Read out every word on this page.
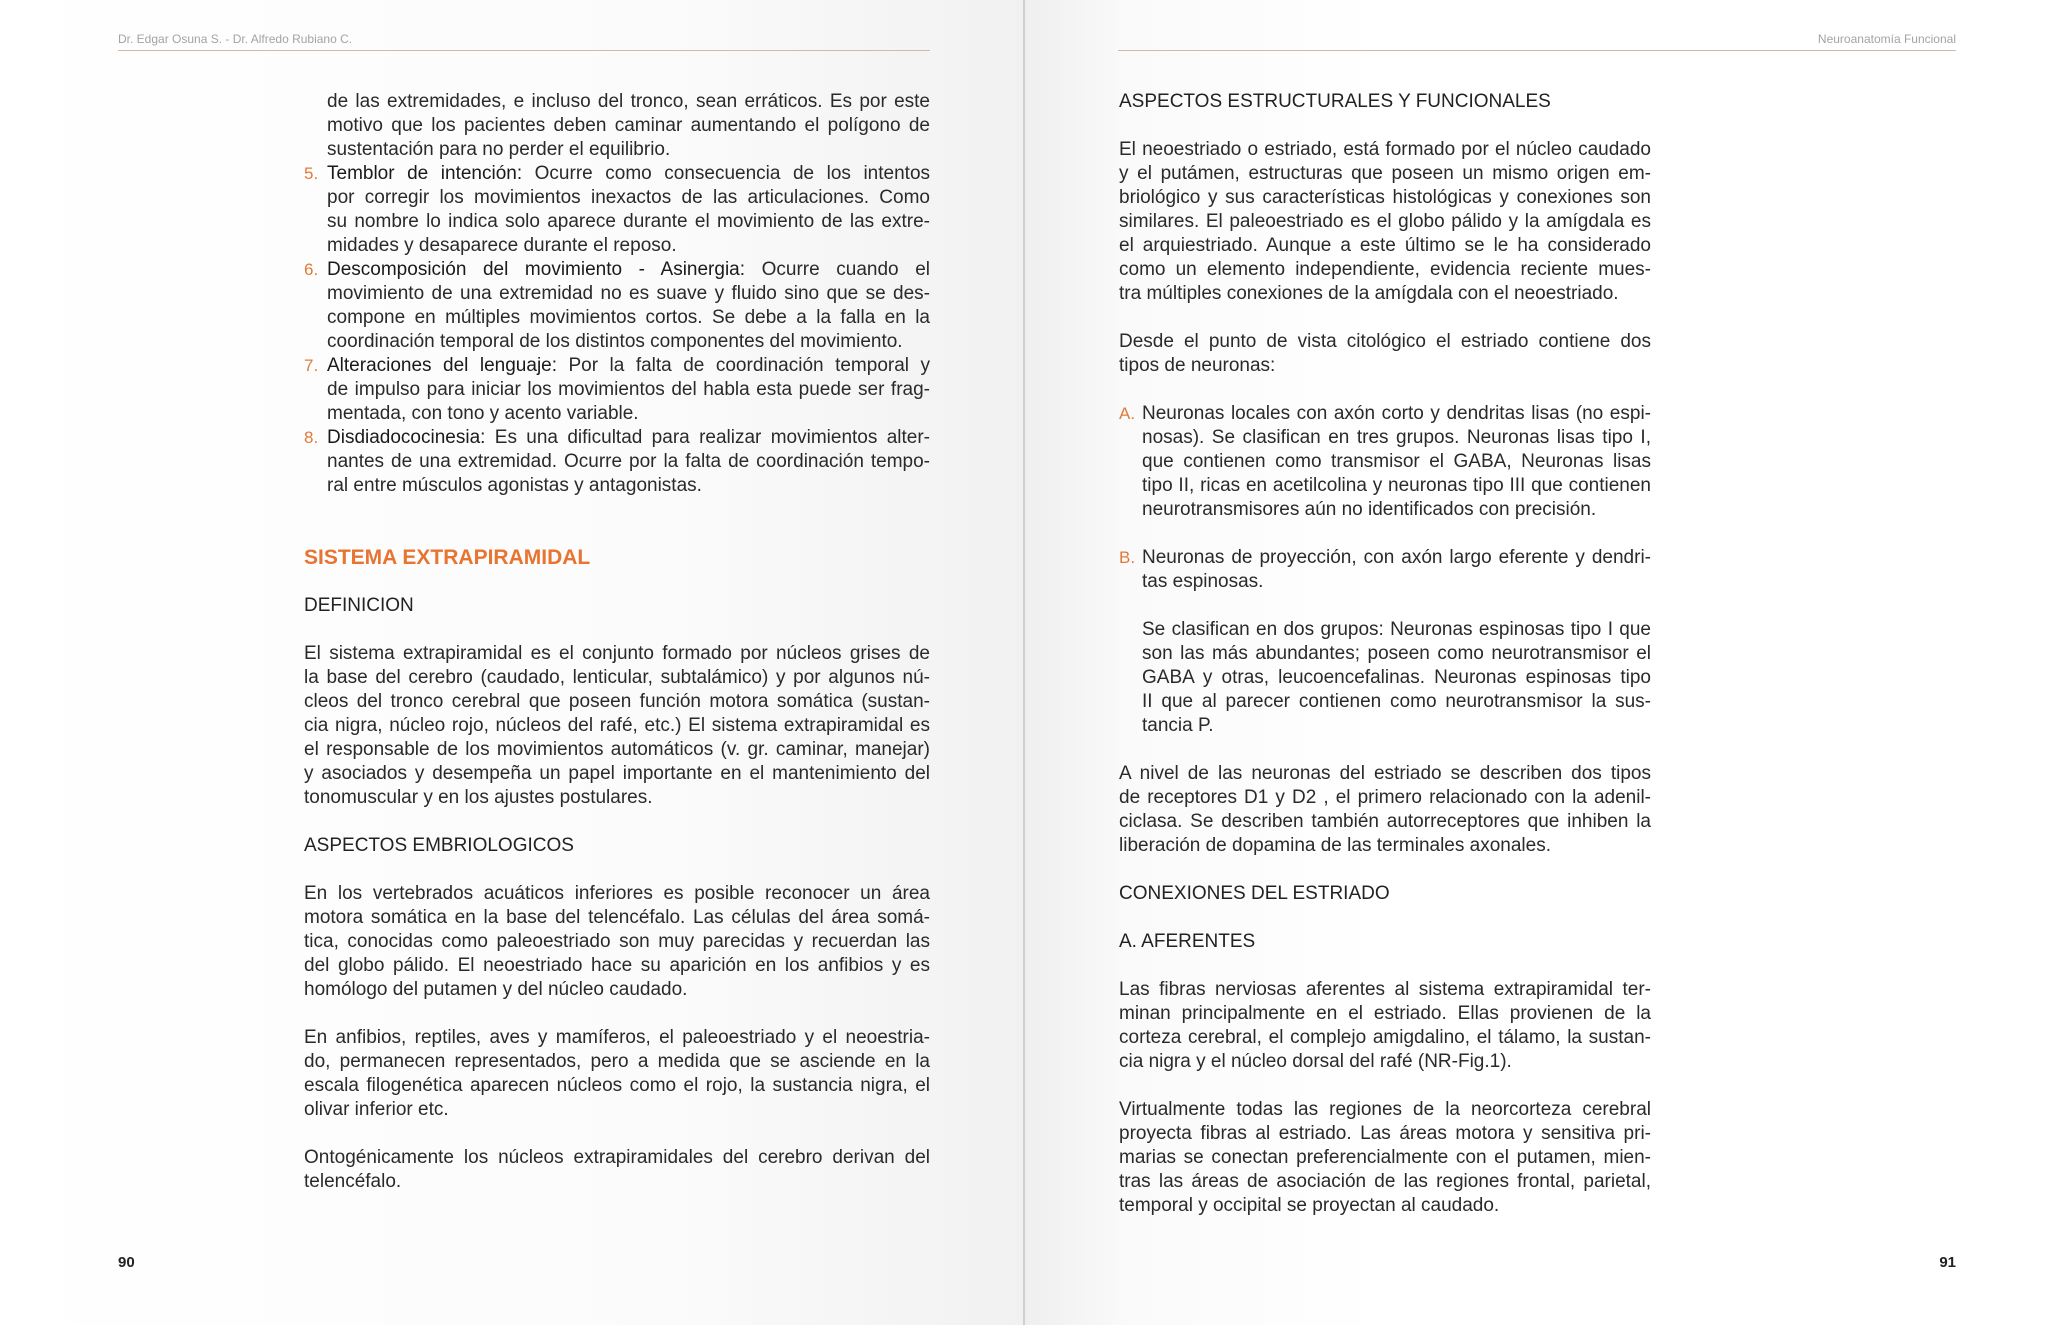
Dr. Edgar Osuna S. - Dr. Alfredo Rubiano C.
90
de las extremidades, e incluso del tronco, sean erráticos. Es por este
motivo que los pacientes deben caminar aumentando el polígono de
sustentación para no perder el equilibrio.
5. Temblor de intención: Ocurre como consecuencia de los intentos
por corregir los movimientos inexactos de las articulaciones. Como
su nombre lo indica solo aparece durante el movimiento de las extre-
midades y desaparece durante el reposo.
6. Descomposición del movimiento - Asinergia: Ocurre cuando el
movimiento de una extremidad no es suave y fluido sino que se des-
compone en múltiples movimientos cortos. Se debe a la falla en la
coordinación temporal de los distintos componentes del movimiento.
7. Alteraciones del lenguaje: Por la falta de coordinación temporal y
de impulso para iniciar los movimientos del habla esta puede ser frag-
mentada, con tono y acento variable.
8. Disdiadococinesia: Es una dificultad para realizar movimientos alter-
nantes de una extremidad. Ocurre por la falta de coordinación tempo-
ral entre músculos agonistas y antagonistas.
SISTEMA EXTRAPIRAMIDAL
DEFINICION
El sistema extrapiramidal es el conjunto formado por núcleos grises de
la base del cerebro (caudado, lenticular, subtalámico) y por algunos nú-
cleos del tronco cerebral que poseen función motora somática (sustan-
cia nigra, núcleo rojo, núcleos del rafé, etc.) El sistema extrapiramidal es
el responsable de los movimientos automáticos (v. gr. caminar, manejar)
y asociados y desempeña un papel importante en el mantenimiento del
tonomuscular y en los ajustes postulares.
ASPECTOS EMBRIOLOGICOS
En los vertebrados acuáticos inferiores es posible reconocer un área
motora somática en la base del telencéfalo. Las células del área somá-
tica, conocidas como paleoestriado son muy parecidas y recuerdan las
del globo pálido. El neoestriado hace su aparición en los anfibios y es
homólogo del putamen y del núcleo caudado.
En anfibios, reptiles, aves y mamíferos, el paleoestriado y el neoestria-
do, permanecen representados, pero a medida que se asciende en la
escala filogenética aparecen núcleos como el rojo, la sustancia nigra, el
olivar inferior etc.
Ontogénicamente los núcleos extrapiramidales del cerebro derivan del
telencéfalo.
Neuroanatomía Funcional
91
ASPECTOS ESTRUCTURALES Y FUNCIONALES
El neoestriado o estriado, está formado por el núcleo caudado
y el putámen, estructuras que poseen un mismo origen em-
briológico y sus características histológicas y conexiones son
similares. El paleoestriado es el globo pálido y la amígdala es
el arquiestriado. Aunque a este último se le ha considerado
como un elemento independiente, evidencia reciente mues-
tra múltiples conexiones de la amígdala con el neoestriado.
Desde el punto de vista citológico el estriado contiene dos
tipos de neuronas:
A. Neuronas locales con axón corto y dendritas lisas (no espi-
nosas). Se clasifican en tres grupos. Neuronas lisas tipo I,
que contienen como transmisor el GABA, Neuronas lisas
tipo II, ricas en acetilcolina y neuronas tipo III que contienen
neurotransmisores aún no identificados con precisión.
B. Neuronas de proyección, con axón largo eferente y dendri-
tas espinosas.
Se clasifican en dos grupos: Neuronas espinosas tipo I que
son las más abundantes; poseen como neurotransmisor el
GABA y otras, leucoencefalinas. Neuronas espinosas tipo
II que al parecer contienen como neurotransmisor la sus-
tancia P.
A nivel de las neuronas del estriado se describen dos tipos
de receptores D1 y D2 , el primero relacionado con la adenil-
ciclasa. Se describen también autorreceptores que inhiben la
liberación de dopamina de las terminales axonales.
CONEXIONES DEL ESTRIADO
A. AFERENTES
Las fibras nerviosas aferentes al sistema extrapiramidal ter-
minan principalmente en el estriado. Ellas provienen de la
corteza cerebral, el complejo amigdalino, el tálamo, la sustan-
cia nigra y el núcleo dorsal del rafé (NR-Fig.1).
Virtualmente todas las regiones de la neorcorteza cerebral
proyecta fibras al estriado. Las áreas motora y sensitiva pri-
marias se conectan preferencialmente con el putamen, mien-
tras las áreas de asociación de las regiones frontal, parietal,
temporal y occipital se proyectan al caudado.
